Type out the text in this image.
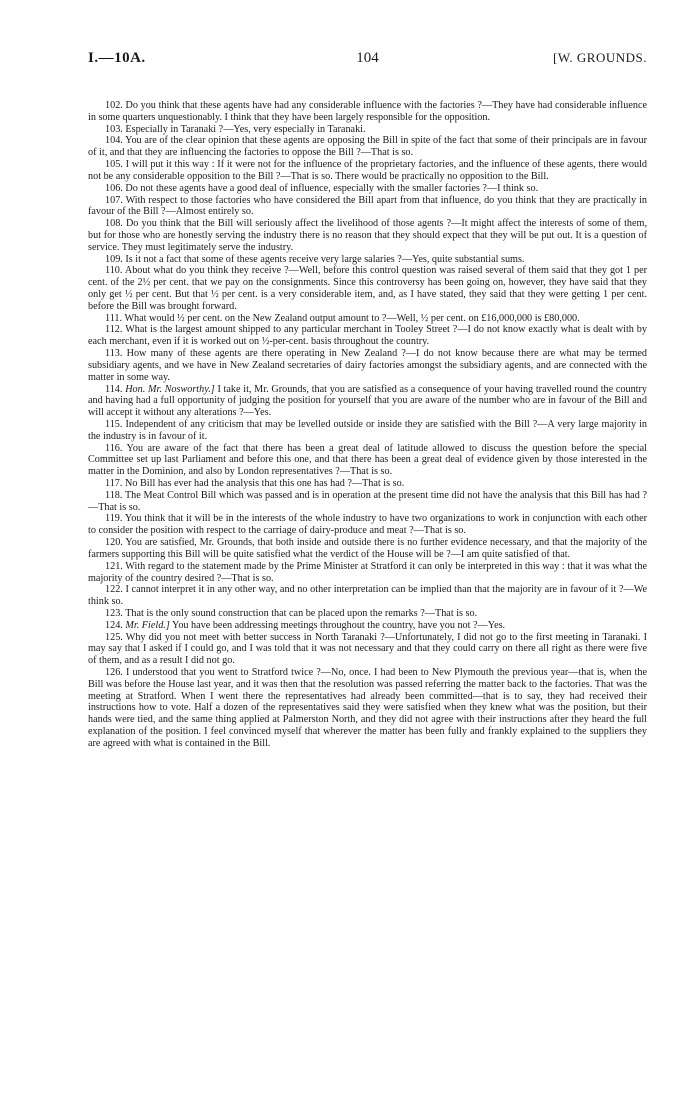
I.—10A.	104	[W. GROUNDS.

102. Do you think that these agents have had any considerable influence with the factories ?—They have had considerable influence in some quarters unquestionably. I think that they have been largely responsible for the opposition.

103. Especially in Taranaki ?—Yes, very especially in Taranaki.

104. You are of the clear opinion that these agents are opposing the Bill in spite of the fact that some of their principals are in favour of it, and that they are influencing the factories to oppose the Bill ?—That is so.

105. I will put it this way : If it were not for the influence of the proprietary factories, and the influence of these agents, there would not be any considerable opposition to the Bill ?—That is so. There would be practically no opposition to the Bill.

106. Do not these agents have a good deal of influence, especially with the smaller factories ?—I think so.

107. With respect to those factories who have considered the Bill apart from that influence, do you think that they are practically in favour of the Bill ?—Almost entirely so.

108. Do you think that the Bill will seriously affect the livelihood of those agents ?—It might affect the interests of some of them, but for those who are honestly serving the industry there is no reason that they should expect that they will be put out. It is a question of service. They must legitimately serve the industry.

109. Is it not a fact that some of these agents receive very large salaries ?—Yes, quite substantial sums.

110. About what do you think they receive ?—Well, before this control question was raised several of them said that they got 1 per cent. of the 2½ per cent. that we pay on the consignments. Since this controversy has been going on, however, they have said that they only get ½ per cent. But that ½ per cent. is a very considerable item, and, as I have stated, they said that they were getting 1 per cent. before the Bill was brought forward.

111. What would ½ per cent. on the New Zealand output amount to ?—Well, ½ per cent. on £16,000,000 is £80,000.

112. What is the largest amount shipped to any particular merchant in Tooley Street ?—I do not know exactly what is dealt with by each merchant, even if it is worked out on ½-per-cent. basis throughout the country.

113. How many of these agents are there operating in New Zealand ?—I do not know because there are what may be termed subsidiary agents, and we have in New Zealand secretaries of dairy factories amongst the subsidiary agents, and are connected with the matter in some way.

114. Hon. Mr. Nosworthy.] I take it, Mr. Grounds, that you are satisfied as a consequence of your having travelled round the country and having had a full opportunity of judging the position for yourself that you are aware of the number who are in favour of the Bill and will accept it without any alterations ?—Yes.

115. Independent of any criticism that may be levelled outside or inside they are satisfied with the Bill ?—A very large majority in the industry is in favour of it.

116. You are aware of the fact that there has been a great deal of latitude allowed to discuss the question before the special Committee set up last Parliament and before this one, and that there has been a great deal of evidence given by those interested in the matter in the Dominion, and also by London representatives ?—That is so.

117. No Bill has ever had the analysis that this one has had ?—That is so.

118. The Meat Control Bill which was passed and is in operation at the present time did not have the analysis that this Bill has had ?—That is so.

119. You think that it will be in the interests of the whole industry to have two organizations to work in conjunction with each other to consider the position with respect to the carriage of dairy-produce and meat ?—That is so.

120. You are satisfied, Mr. Grounds, that both inside and outside there is no further evidence necessary, and that the majority of the farmers supporting this Bill will be quite satisfied what the verdict of the House will be ?—I am quite satisfied of that.

121. With regard to the statement made by the Prime Minister at Stratford it can only be interpreted in this way : that it was what the majority of the country desired ?—That is so.

122. I cannot interpret it in any other way, and no other interpretation can be implied than that the majority are in favour of it ?—We think so.

123. That is the only sound construction that can be placed upon the remarks ?—That is so.

124. Mr. Field.] You have been addressing meetings throughout the country, have you not ?—Yes.

125. Why did you not meet with better success in North Taranaki ?—Unfortunately, I did not go to the first meeting in Taranaki. I may say that I asked if I could go, and I was told that it was not necessary and that they could carry on there all right as there were five of them, and as a result I did not go.

126. I understood that you went to Stratford twice ?—No, once. I had been to New Plymouth the previous year—that is, when the Bill was before the House last year, and it was then that the resolution was passed referring the matter back to the factories. That was the meeting at Stratford. When I went there the representatives had already been committed—that is to say, they had received their instructions how to vote. Half a dozen of the representatives said they were satisfied when they knew what was the position, but their hands were tied, and the same thing applied at Palmerston North, and they did not agree with their instructions after they heard the full explanation of the position. I feel convinced myself that wherever the matter has been fully and frankly explained to the suppliers they are agreed with what is contained in the Bill.
